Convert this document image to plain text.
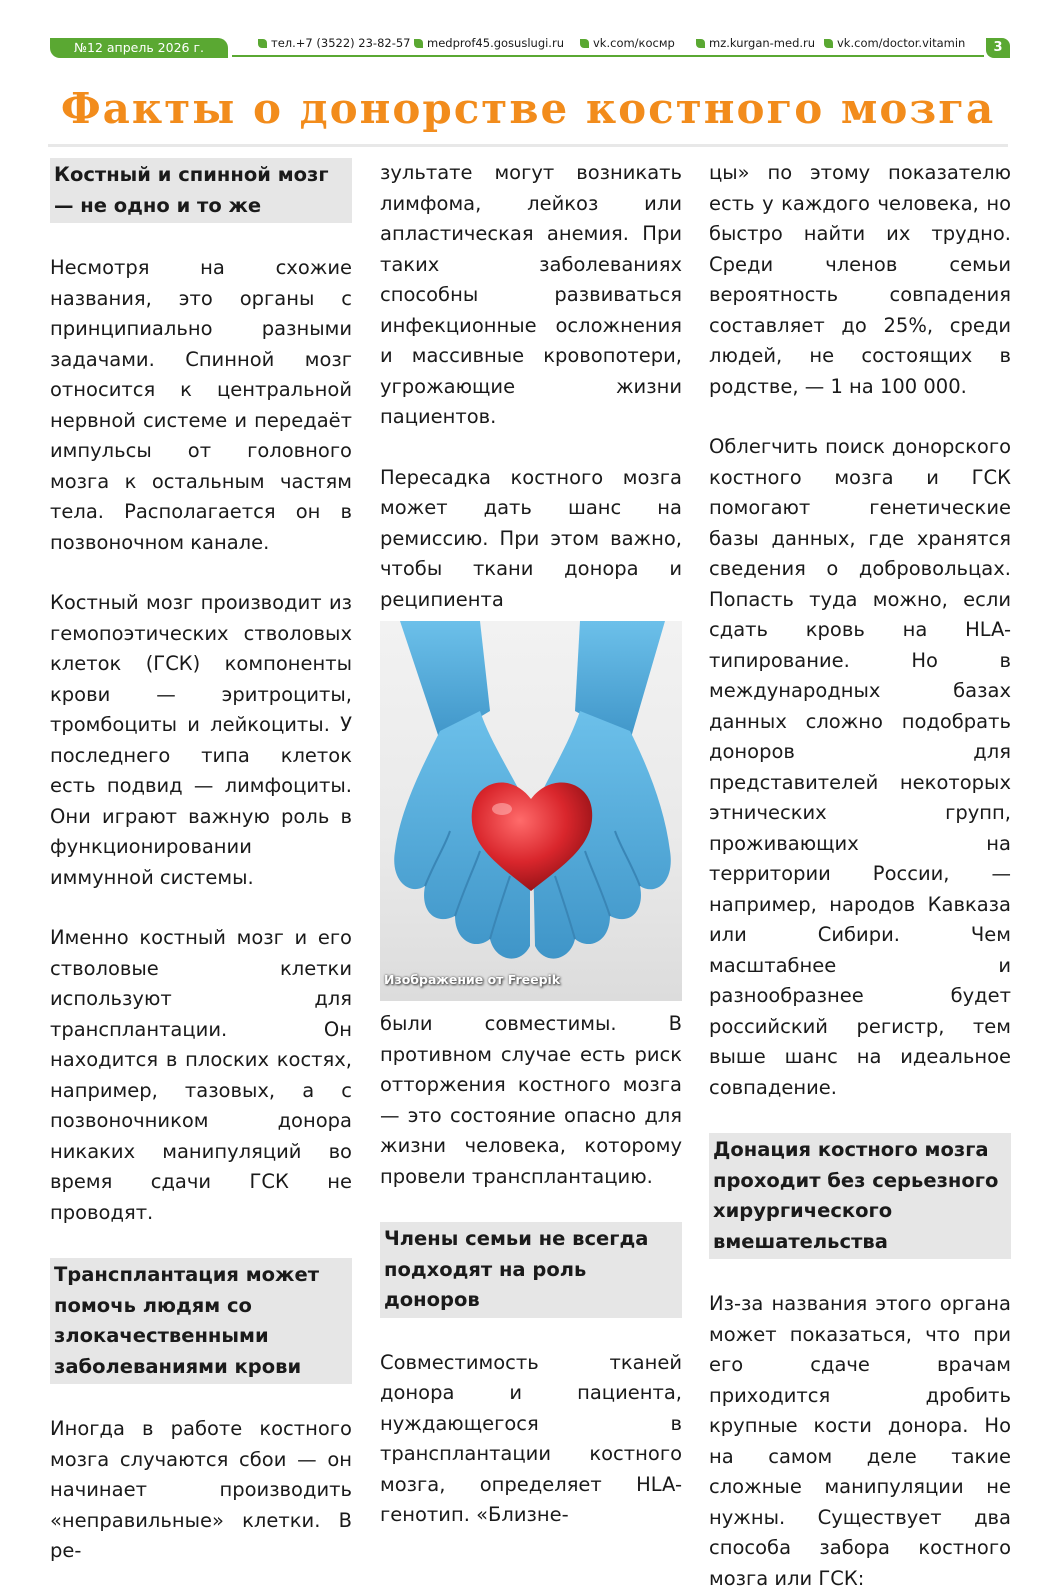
№12 апрель 2026 г.	тел.+7 (3522) 23-82-57	medprof45.gosuslugi.ru	vk.com/космр	mz.kurgan-med.ru	vk.com/doctor.vitamin	3
Факты о донорстве костного мозга
Костный и спинной мозг — не одно и то же

Несмотря на схожие названия, это органы с принципиально разными задачами. Спинной мозг относится к центральной нервной системе и передаёт импульсы от головного мозга к остальным частям тела. Располагается он в позвоночном канале.

Костный мозг производит из гемопоэтических стволовых клеток (ГСК) компоненты крови — эритроциты, тромбоциты и лейкоциты. У последнего типа клеток есть подвид — лимфоциты. Они играют важную роль в функционировании иммунной системы.

Именно костный мозг и его стволовые клетки используют для трансплантации. Он находится в плоских костях, например, тазовых, а с позвоночником донора никаких манипуляций во время сдачи ГСК не проводят.

Трансплантация может помочь людям со злокачественными заболеваниями крови

Иногда в работе костного мозга случаются сбои — он начинает производить «неправильные» клетки. В ре-

зультате могут возникать лимфома, лейкоз или апластическая анемия. При таких заболеваниях способны развиваться инфекционные осложнения и массивные кровопотери, угрожающие жизни пациентов.

Пересадка костного мозга может дать шанс на ремиссию. При этом важно, чтобы ткани донора и реципиента

Изображение от Freepik

были совместимы. В противном случае есть риск отторжения костного мозга — это состояние опасно для жизни человека, которому провели трансплантацию.

Члены семьи не всегда подходят на роль доноров

Совместимость тканей донора и пациента, нуждающегося в трансплантации костного мозга, определяет HLA-генотип. «Близне-

цы» по этому показателю есть у каждого человека, но быстро найти их трудно. Среди членов семьи вероятность совпадения составляет до 25%, среди людей, не состоящих в родстве, — 1 на 100 000.

Облегчить поиск донорского костного мозга и ГСК помогают генетические базы данных, где хранятся сведения о добровольцах. Попасть туда можно, если сдать кровь на HLA-типирование. Но в международных базах данных сложно подобрать доноров для представителей некоторых этнических групп, проживающих на территории России, — например, народов Кавказа или Сибири. Чем масштабнее и разнообразнее будет российский регистр, тем выше шанс на идеальное совпадение.

Донация костного мозга проходит без серьезного хирургического вмешательства

Из-за названия этого органа может показаться, что при его сдаче врачам приходится дробить крупные кости донора. Но на самом деле такие сложные манипуляции не нужны. Существует два способа забора костного мозга или ГСК:
